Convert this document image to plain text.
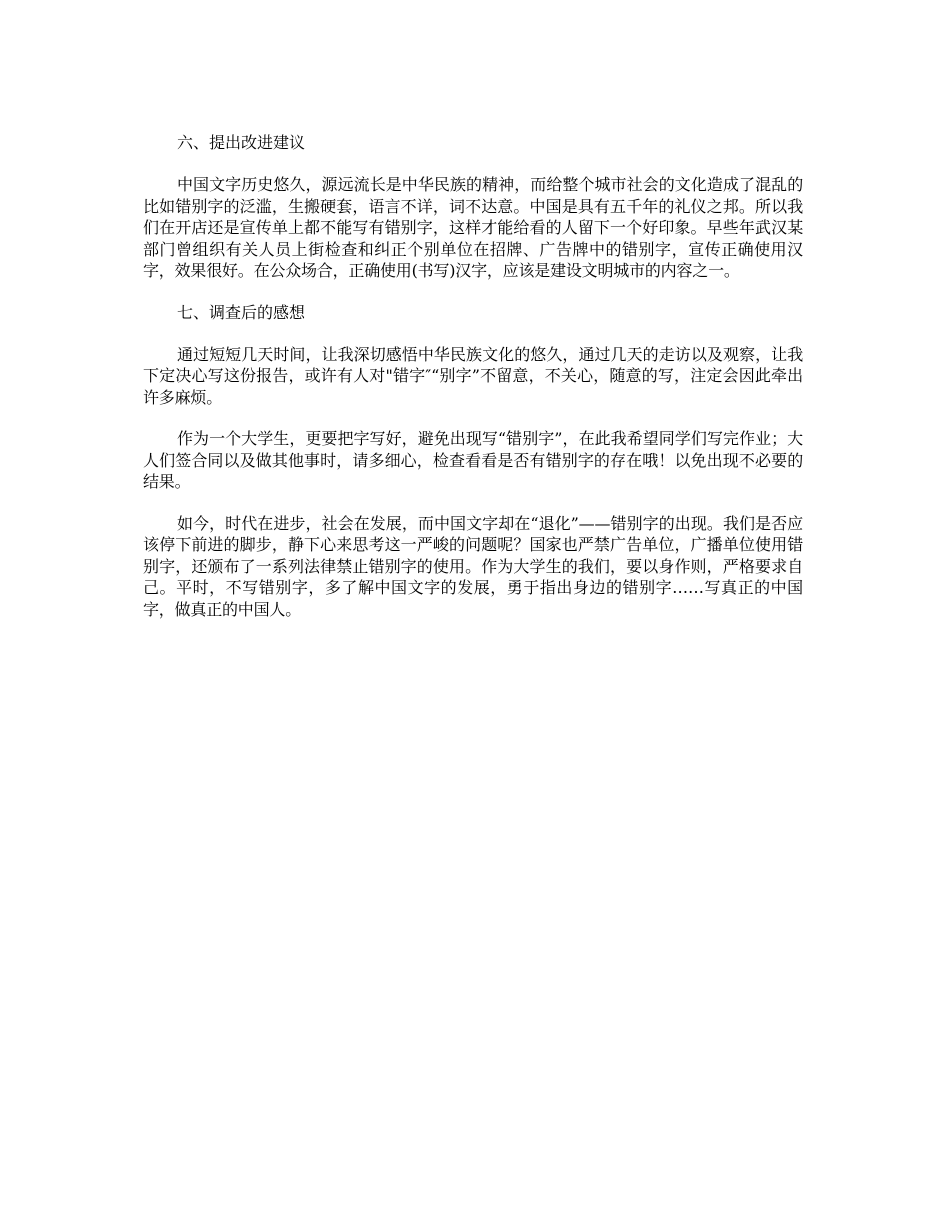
六、提出改进建议

中国文字历史悠久，源远流长是中华民族的精神，而给整个城市社会的文化造成了混乱的比如错别字的泛滥，生搬硬套，语言不详，词不达意。中国是具有五千年的礼仪之邦。所以我们在开店还是宣传单上都不能写有错别字，这样才能给看的人留下一个好印象。早些年武汉某部门曾组织有关人员上街检查和纠正个别单位在招牌、广告牌中的错别字，宣传正确使用汉字，效果很好。在公众场合，正确使用(书写)汉字，应该是建设文明城市的内容之一。

七、调查后的感想

通过短短几天时间，让我深切感悟中华民族文化的悠久，通过几天的走访以及观察，让我下定决心写这份报告，或许有人对"错字″“别字”不留意，不关心，随意的写，注定会因此牵出许多麻烦。

作为一个大学生，更要把字写好，避免出现写“错别字”，在此我希望同学们写完作业；大人们签合同以及做其他事时，请多细心，检查看看是否有错别字的存在哦！以免出现不必要的结果。

如今，时代在进步，社会在发展，而中国文字却在“退化”——错别字的出现。我们是否应该停下前进的脚步，静下心来思考这一严峻的问题呢？国家也严禁广告单位，广播单位使用错别字，还颁布了一系列法律禁止错别字的使用。作为大学生的我们，要以身作则，严格要求自己。平时，不写错别字，多了解中国文字的发展，勇于指出身边的错别字……写真正的中国字，做真正的中国人。
